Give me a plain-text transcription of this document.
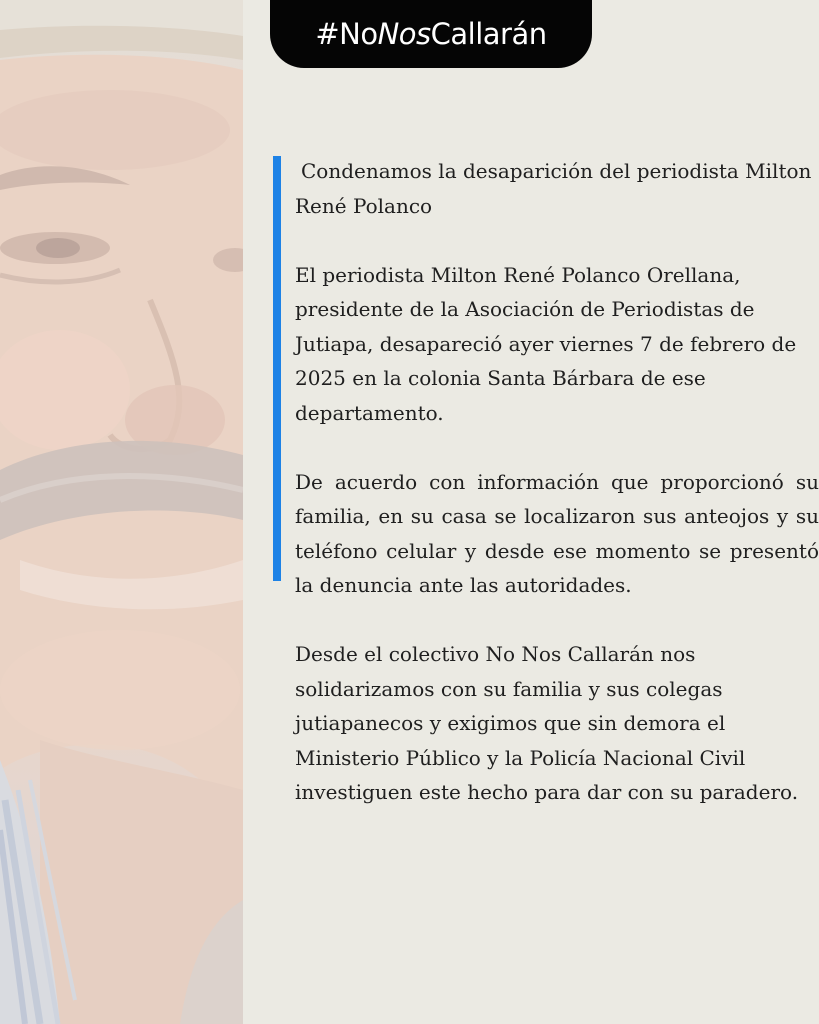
#NoNosCallarán

Condenamos la desaparición del periodista Milton René Polanco

El periodista Milton René Polanco Orellana, presidente de la Asociación de Periodistas de Jutiapa, desapareció ayer viernes 7 de febrero de 2025 en la colonia Santa Bárbara de ese departamento.

De acuerdo con información que proporcionó su familia, en su casa se localizaron sus anteojos y su teléfono celular y desde ese momento se presentó la denuncia ante las autoridades.

Desde el colectivo No Nos Callarán nos solidarizamos con su familia y sus colegas jutiapanecos y exigimos que sin demora el Ministerio Público y la Policía Nacional Civil investiguen este hecho para dar con su paradero.
